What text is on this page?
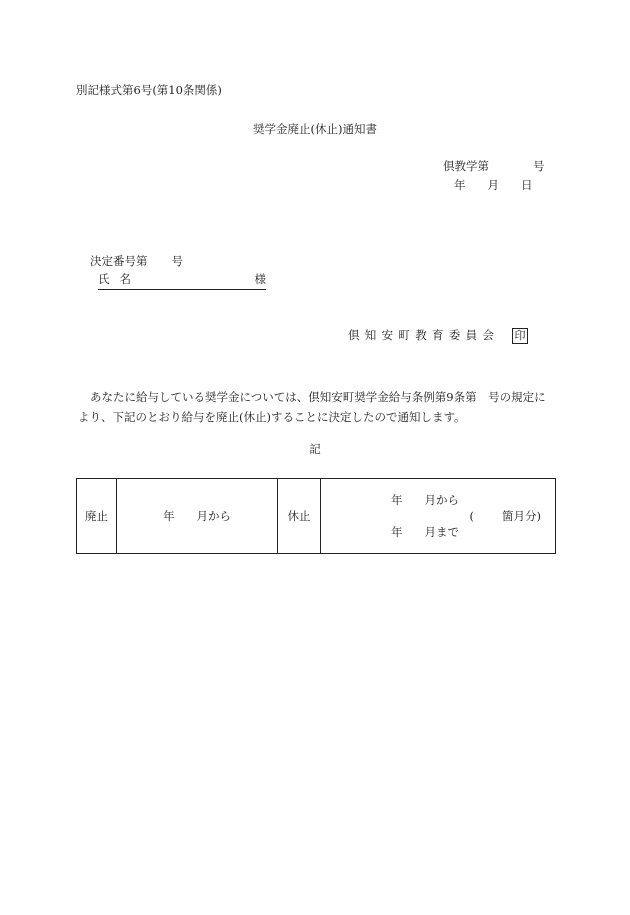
別記様式第6号(第10条関係)
奨学金廃止(休止)通知書
倶教学第	号
年 月 日
決定番号第 号
氏名	様
倶知安町教育委員会 印
あなたに給与している奨学金については、倶知安町奨学金給与条例第9条第　号の規定により、下記のとおり給与を廃止(休止)することに決定したので通知します。
記
廃止	年 月から	休止	
年 月から
年 月まで
( 箇月分)
